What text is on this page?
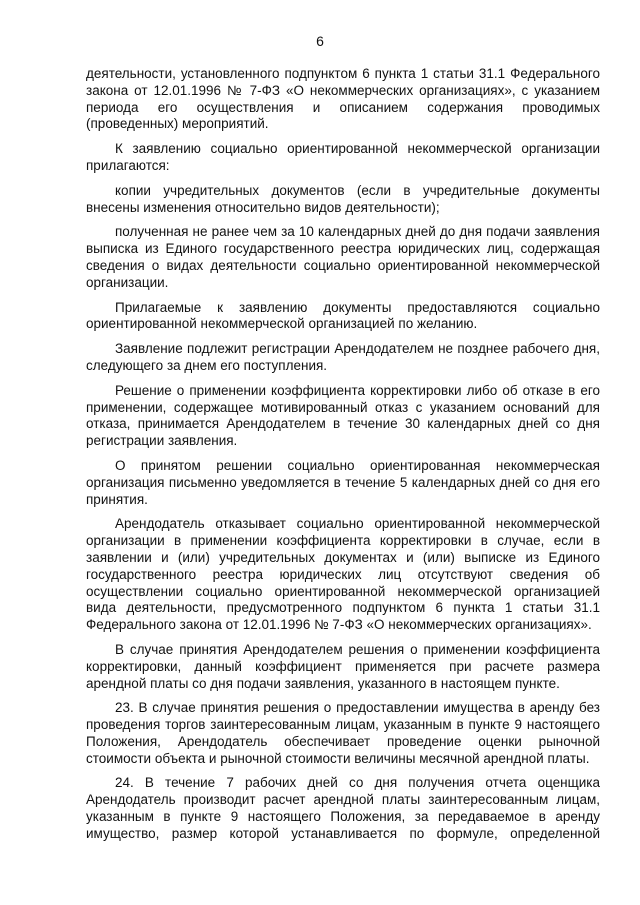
6

деятельности, установленного подпунктом 6 пункта 1 статьи 31.1 Федерального закона от 12.01.1996 № 7-ФЗ «О некоммерческих организациях», с указанием периода его осуществления и описанием содержания проводимых (проведенных) мероприятий.

К заявлению социально ориентированной некоммерческой организации прилагаются:

копии учредительных документов (если в учредительные документы внесены изменения относительно видов деятельности);

полученная не ранее чем за 10 календарных дней до дня подачи заявления выписка из Единого государственного реестра юридических лиц, содержащая сведения о видах деятельности социально ориентированной некоммерческой организации.

Прилагаемые к заявлению документы предоставляются социально ориентированной некоммерческой организацией по желанию.

Заявление подлежит регистрации Арендодателем не позднее рабочего дня, следующего за днем его поступления.

Решение о применении коэффициента корректировки либо об отказе в его применении, содержащее мотивированный отказ с указанием оснований для отказа, принимается Арендодателем в течение 30 календарных дней со дня регистрации заявления.

О принятом решении социально ориентированная некоммерческая организация письменно уведомляется в течение 5 календарных дней со дня его принятия.

Арендодатель отказывает социально ориентированной некоммерческой организации в применении коэффициента корректировки в случае, если в заявлении и (или) учредительных документах и (или) выписке из Единого государственного реестра юридических лиц отсутствуют сведения об осуществлении социально ориентированной некоммерческой организацией вида деятельности, предусмотренного подпунктом 6 пункта 1 статьи 31.1 Федерального закона от 12.01.1996 № 7-ФЗ «О некоммерческих организациях».

В случае принятия Арендодателем решения о применении коэффициента корректировки, данный коэффициент применяется при расчете размера арендной платы со дня подачи заявления, указанного в настоящем пункте.

23. В случае принятия решения о предоставлении имущества в аренду без проведения торгов заинтересованным лицам, указанным в пункте 9 настоящего Положения, Арендодатель обеспечивает проведение оценки рыночной стоимости объекта и рыночной стоимости величины месячной арендной платы.

24. В течение 7 рабочих дней со дня получения отчета оценщика Арендодатель производит расчет арендной платы заинтересованным лицам, указанным в пункте 9 настоящего Положения, за передаваемое в аренду имущество, размер которой устанавливается по формуле, определенной
